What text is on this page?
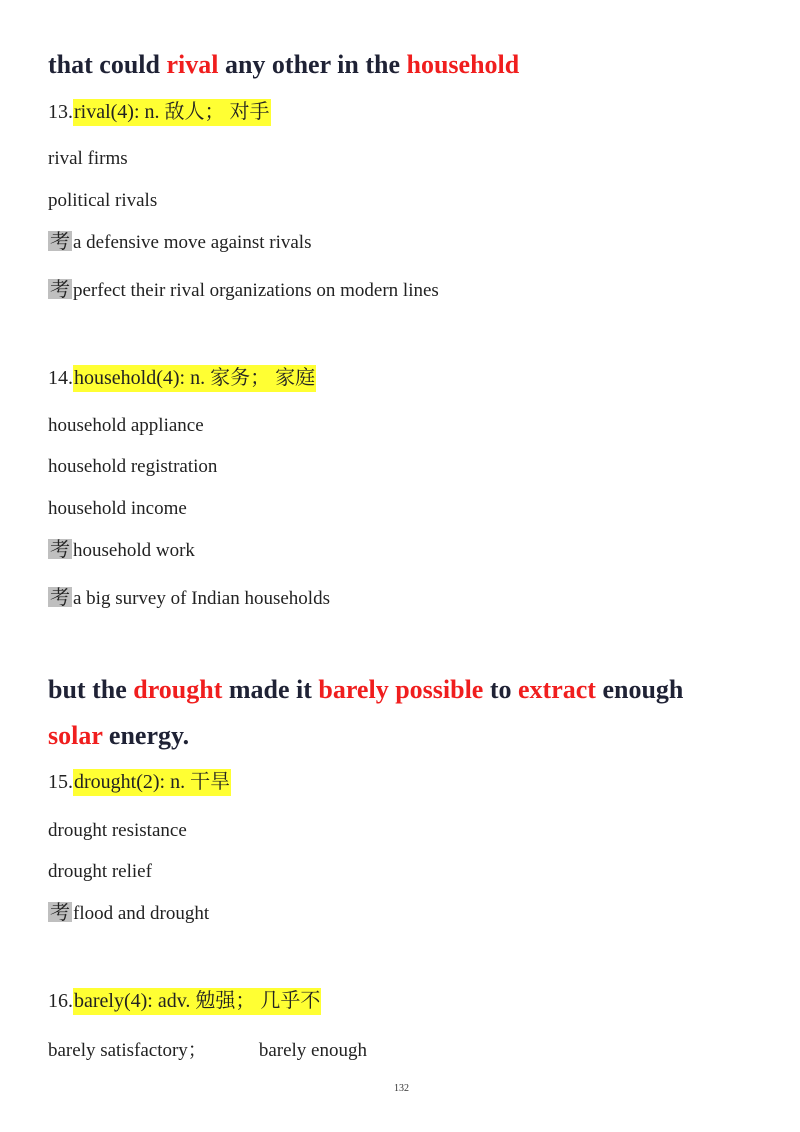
that could rival any other in the household
13.rival(4): n. 敌人； 对手
rival firms
political rivals
考 a defensive move against rivals
考 perfect their rival organizations on modern lines
14.household(4): n. 家务； 家庭
household appliance
household registration
household income
考 household work
考 a big survey of Indian households
but the drought made it barely possible to extract enough
solar energy.
15.drought(2): n. 干旱
drought resistance
drought relief
考 flood and drought
16.barely(4): adv. 勉强； 几乎不
barely satisfactory；	barely enough
132
